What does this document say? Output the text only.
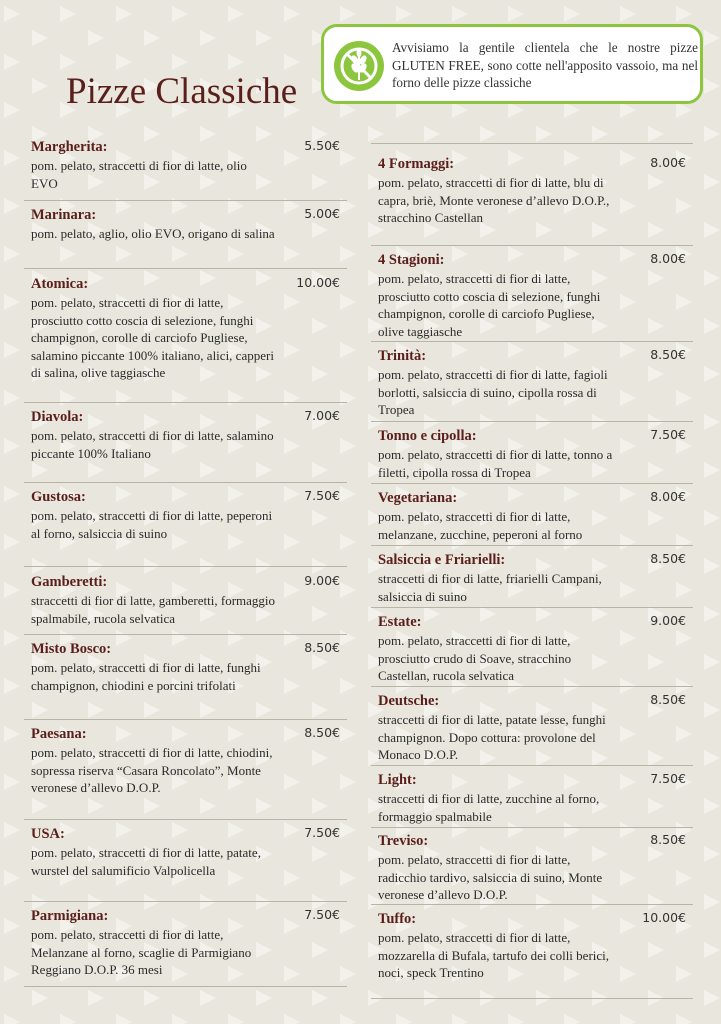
Pizze Classiche
Avvisiamo la gentile clientela che le nostre pizze GLUTEN FREE, sono cotte nell'apposito vassoio, ma nel forno delle pizze classiche
Margherita:
pom. pelato, straccetti di fior di latte, olio EVO
5.50€
Marinara:
pom. pelato, aglio, olio EVO, origano di salina
5.00€
Atomica:
pom. pelato, straccetti di fior di latte, prosciutto cotto coscia di selezione, funghi champignon, corolle di carciofo Pugliese, salamino piccante 100% italiano, alici, capperi di salina, olive taggiasche
10.00€
Diavola:
pom. pelato, straccetti di fior di latte, salamino piccante 100% Italiano
7.00€
Gustosa:
pom. pelato, straccetti di fior di latte, peperoni al forno, salsiccia di suino
7.50€
Gamberetti:
straccetti di fior di latte, gamberetti, formaggio spalmabile, rucola selvatica
9.00€
Misto Bosco:
pom. pelato, straccetti di fior di latte, funghi champignon, chiodini e porcini trifolati
8.50€
Paesana:
pom. pelato, straccetti di fior di latte, chiodini, sopressa riserva “Casara Roncolato”, Monte veronese d’allevo D.O.P.
8.50€
USA:
pom. pelato, straccetti di fior di latte, patate, wurstel del salumificio Valpolicella
7.50€
Parmigiana:
pom. pelato, straccetti di fior di latte, Melanzane al forno, scaglie di Parmigiano Reggiano D.O.P. 36 mesi
7.50€
4 Formaggi:
pom. pelato, straccetti di fior di latte, blu di capra, briè, Monte veronese d’allevo D.O.P., stracchino Castellan
8.00€
4 Stagioni:
pom. pelato, straccetti di fior di latte, prosciutto cotto coscia di selezione, funghi champignon, corolle di carciofo Pugliese, olive taggiasche
8.00€
Trinità:
pom. pelato, straccetti di fior di latte, fagioli borlotti, salsiccia di suino, cipolla rossa di Tropea
8.50€
Tonno e cipolla:
pom. pelato, straccetti di fior di latte, tonno a filetti, cipolla rossa di Tropea
7.50€
Vegetariana:
pom. pelato, straccetti di fior di latte, melanzane, zucchine, peperoni al forno
8.00€
Salsiccia e Friarielli:
straccetti di fior di latte, friarielli Campani, salsiccia di suino
8.50€
Estate:
pom. pelato, straccetti di fior di latte, prosciutto crudo di Soave, stracchino Castellan, rucola selvatica
9.00€
Deutsche:
straccetti di fior di latte, patate lesse, funghi champignon. Dopo cottura: provolone del Monaco D.O.P.
8.50€
Light:
straccetti di fior di latte, zucchine al forno, formaggio spalmabile
7.50€
Treviso:
pom. pelato, straccetti di fior di latte, radicchio tardivo, salsiccia di suino, Monte veronese d’allevo D.O.P.
8.50€
Tuffo:
pom. pelato, straccetti di fior di latte, mozzarella di Bufala, tartufo dei colli berici, noci, speck Trentino
10.00€
